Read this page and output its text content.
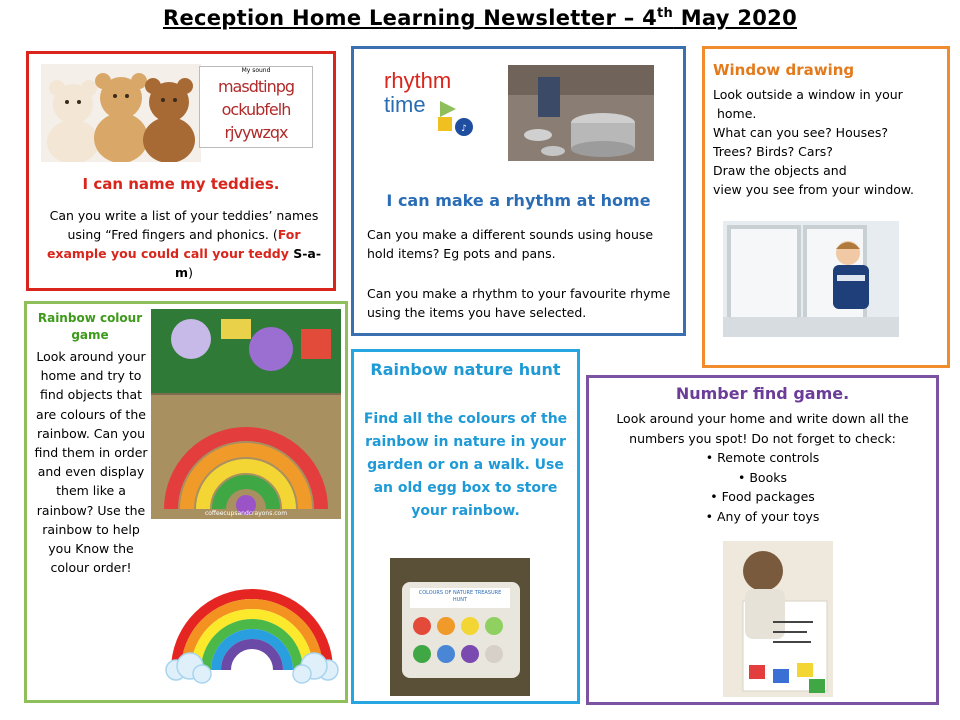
Reception Home Learning Newsletter – 4th May 2020
My sound
masdtinpg
ockubfelh
rjvywzqx
I can name my teddies.
Can you write a list of your teddies’ names using “Fred fingers and phonics. (For example you could call your teddy S-a-m)
rhythm
time
♪
I can make a rhythm at home
Can you make a different sounds using house hold items? Eg pots and pans.
Can you make a rhythm to your favourite rhyme using the items you have selected.
Window drawing
Look outside a window in your
home.
What can you see? Houses?
Trees? Birds? Cars?
Draw the objects and
view you see from your window.
Rainbow colour game
Look around your home and try to find objects that are colours of the rainbow. Can you find them in order and even display them like a rainbow? Use the rainbow to help you Know the colour order!
coffeecupsandcrayons.com
Rainbow nature hunt
Find all the colours of the rainbow in nature in your garden or on a walk. Use an old egg box to store your rainbow.
COLOURS OF NATURE TREASURE HUNT
Number find game.
Look around your home and write down all the numbers you spot! Do not forget to check:
• Remote controls
• Books
• Food packages
• Any of your toys
